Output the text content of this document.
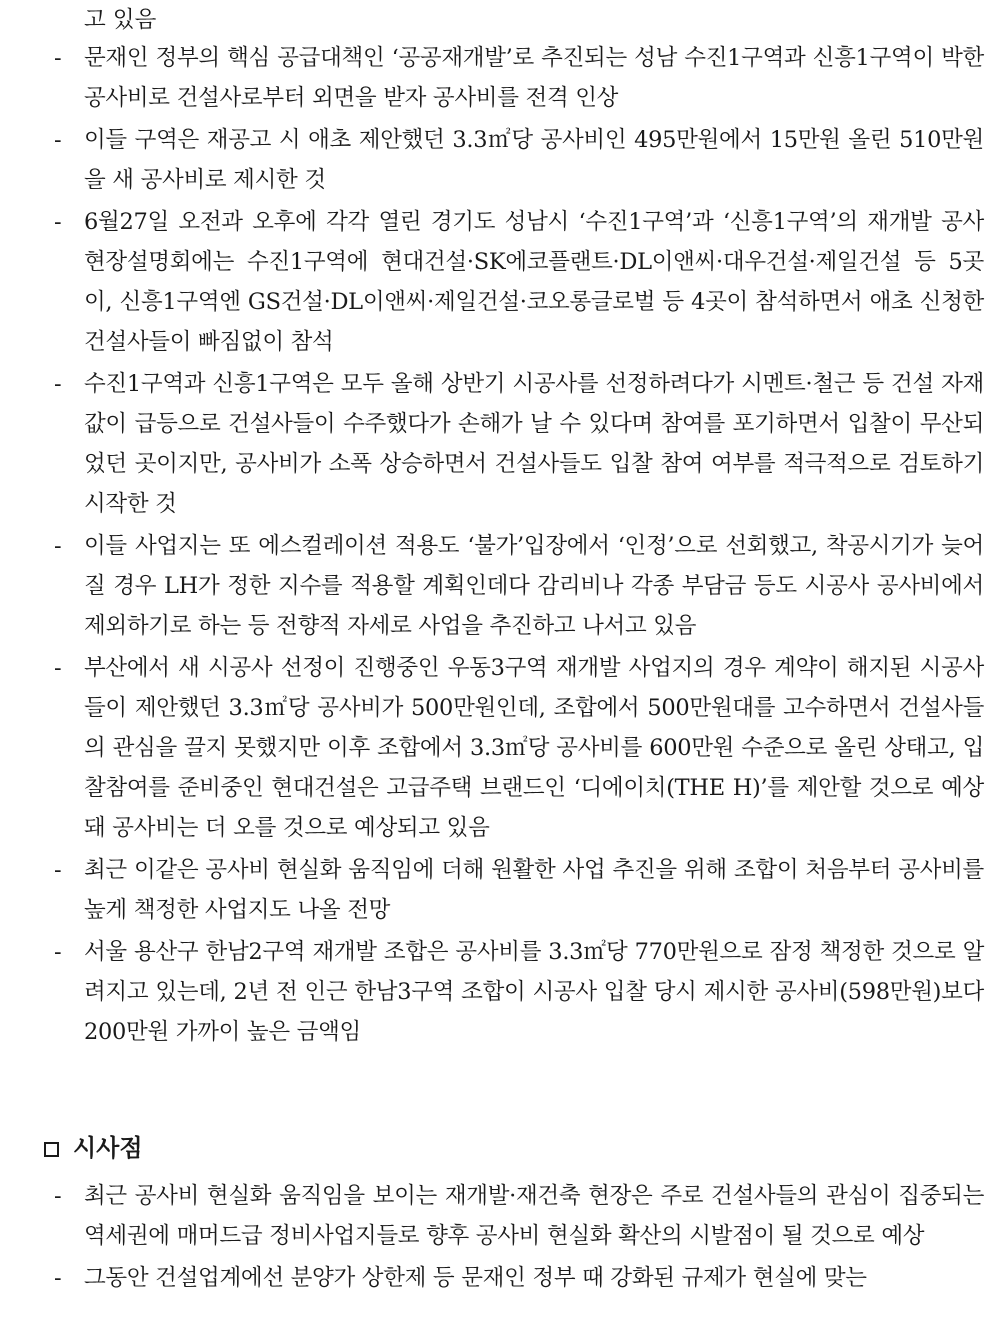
고 있음
- 문재인 정부의 핵심 공급대책인 ‘공공재개발’로 추진되는 성남 수진1구역과 신흥1구역이 박한 공사비로 건설사로부터 외면을 받자 공사비를 전격 인상
- 이들 구역은 재공고 시 애초 제안했던 3.3㎡당 공사비인 495만원에서 15만원 올린 510만원을 새 공사비로 제시한 것
- 6월27일 오전과 오후에 각각 열린 경기도 성남시 ‘수진1구역’과 ‘신흥1구역’의 재개발 공사 현장설명회에는 수진1구역에 현대건설·SK에코플랜트·DL이앤씨·대우건설·제일건설 등 5곳이, 신흥1구역엔 GS건설·DL이앤씨·제일건설·코오롱글로벌 등 4곳이 참석하면서 애초 신청한 건설사들이 빠짐없이 참석
- 수진1구역과 신흥1구역은 모두 올해 상반기 시공사를 선정하려다가 시멘트·철근 등 건설 자재 값이 급등으로 건설사들이 수주했다가 손해가 날 수 있다며 참여를 포기하면서 입찰이 무산되었던 곳이지만, 공사비가 소폭 상승하면서 건설사들도 입찰 참여 여부를 적극적으로 검토하기 시작한 것
- 이들 사업지는 또 에스컬레이션 적용도 ‘불가’입장에서 ‘인정’으로 선회했고, 착공시기가 늦어질 경우 LH가 정한 지수를 적용할 계획인데다 감리비나 각종 부담금 등도 시공사 공사비에서 제외하기로 하는 등 전향적 자세로 사업을 추진하고 나서고 있음
- 부산에서 새 시공사 선정이 진행중인 우동3구역 재개발 사업지의 경우 계약이 해지된 시공사들이 제안했던 3.3㎡당 공사비가 500만원인데, 조합에서 500만원대를 고수하면서 건설사들의 관심을 끌지 못했지만 이후 조합에서 3.3㎡당 공사비를 600만원 수준으로 올린 상태고, 입찰참여를 준비중인 현대건설은 고급주택 브랜드인 ‘디에이치(THE H)’를 제안할 것으로 예상돼 공사비는 더 오를 것으로 예상되고 있음
- 최근 이같은 공사비 현실화 움직임에 더해 원활한 사업 추진을 위해 조합이 처음부터 공사비를 높게 책정한 사업지도 나올 전망
- 서울 용산구 한남2구역 재개발 조합은 공사비를 3.3㎡당 770만원으로 잠정 책정한 것으로 알려지고 있는데, 2년 전 인근 한남3구역 조합이 시공사 입찰 당시 제시한 공사비(598만원)보다 200만원 가까이 높은 금액임
시사점
- 최근 공사비 현실화 움직임을 보이는 재개발·재건축 현장은 주로 건설사들의 관심이 집중되는 역세권에 매머드급 정비사업지들로 향후 공사비 현실화 확산의 시발점이 될 것으로 예상
- 그동안 건설업계에선 분양가 상한제 등 문재인 정부 때 강화된 규제가 현실에 맞는
